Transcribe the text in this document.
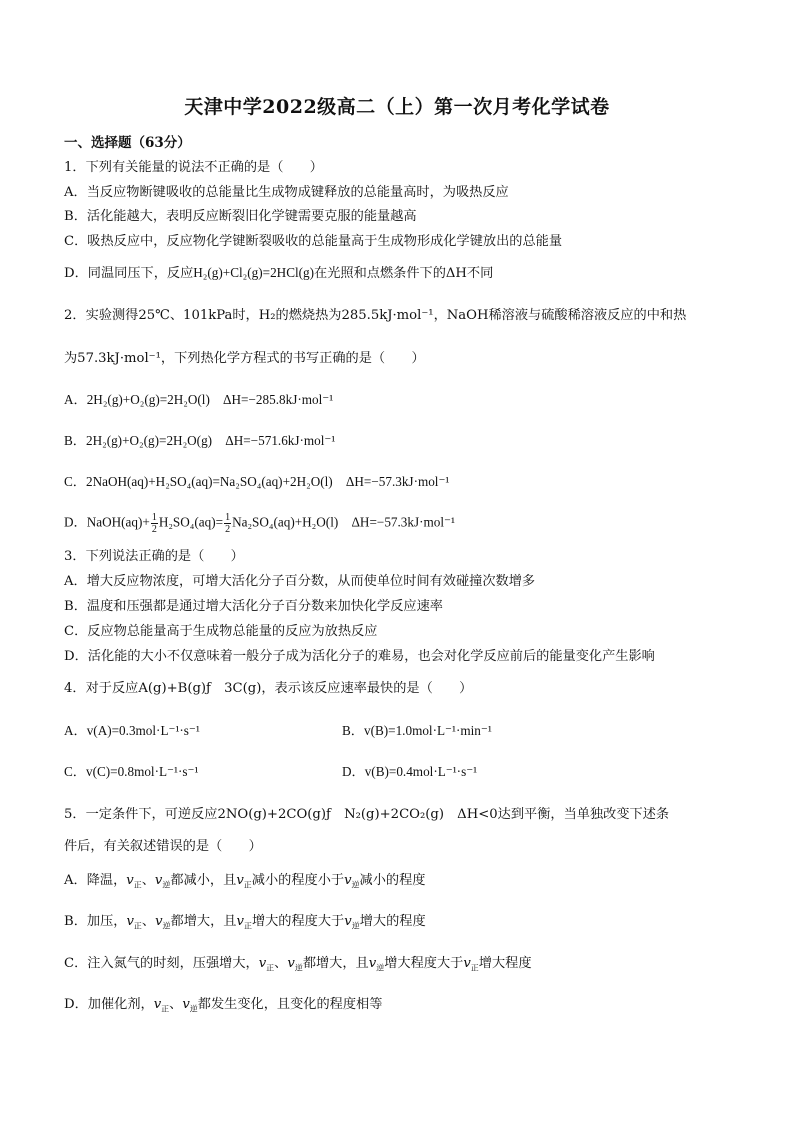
天津中学2022级高二（上）第一次月考化学试卷
一、选择题（63分）
1．下列有关能量的说法不正确的是（　　）
A．当反应物断键吸收的总能量比生成物成键释放的总能量高时，为吸热反应
B．活化能越大，表明反应断裂旧化学键需要克服的能量越高
C．吸热反应中，反应物化学键断裂吸收的总能量高于生成物形成化学键放出的总能量
D．同温同压下，反应H₂(g)+Cl₂(g)=2HCl(g)在光照和点燃条件下的ΔH不同
2．实验测得25℃、101kPa时，H₂的燃烧热为285.5kJ·mol⁻¹，NaOH稀溶液与硫酸稀溶液反应的中和热
为57.3kJ·mol⁻¹，下列热化学方程式的书写正确的是（　　）
A．2H₂(g)+O₂(g)=2H₂O(l)　ΔH=−285.8kJ·mol⁻¹
B．2H₂(g)+O₂(g)=2H₂O(g)　ΔH=−571.6kJ·mol⁻¹
C．2NaOH(aq)+H₂SO₄(aq)=Na₂SO₄(aq)+2H₂O(l)　ΔH=−57.3kJ·mol⁻¹
D．NaOH(aq)+ $\frac{1}{2} H_2SO_4(aq)= \frac{1}{2} Na_2SO_4(aq)+H_2O(l)$　ΔH=−57.3kJ·mol⁻¹
3．下列说法正确的是（　　）
A．增大反应物浓度，可增大活化分子百分数，从而使单位时间有效碰撞次数增多
B．温度和压强都是通过增大活化分子百分数来加快化学反应速率
C．反应物总能量高于生成物总能量的反应为放热反应
D．活化能的大小不仅意味着一般分子成为活化分子的难易，也会对化学反应前后的能量变化产生影响
4．对于反应A(g)+B(g)ƒ　3C(g)，表示该反应速率最快的是（　　）
A．v(A)=0.3mol·L⁻¹·s⁻¹	B．v(B)=1.0mol·L⁻¹·min⁻¹
C．v(C)=0.8mol·L⁻¹·s⁻¹	D．v(B)=0.4mol·L⁻¹·s⁻¹
5．一定条件下，可逆反应2NO(g)+2CO(g)ƒ　N₂(g)+2CO₂(g)　ΔH<0达到平衡，当单独改变下述条
件后，有关叙述错误的是（　　）
A．降温，$v_正$、$v_逆$都减小，且$v_正$减小的程度小于$v_逆$减小的程度
B．加压，$v_正$、$v_逆$都增大，且$v_正$增大的程度大于$v_逆$增大的程度
C．注入氮气的时刻，压强增大，$v_正$、$v_逆$都增大，且$v_逆$增大程度大于$v_正$增大程度
D．加催化剂，$v_正$、$v_逆$都发生变化，且变化的程度相等
